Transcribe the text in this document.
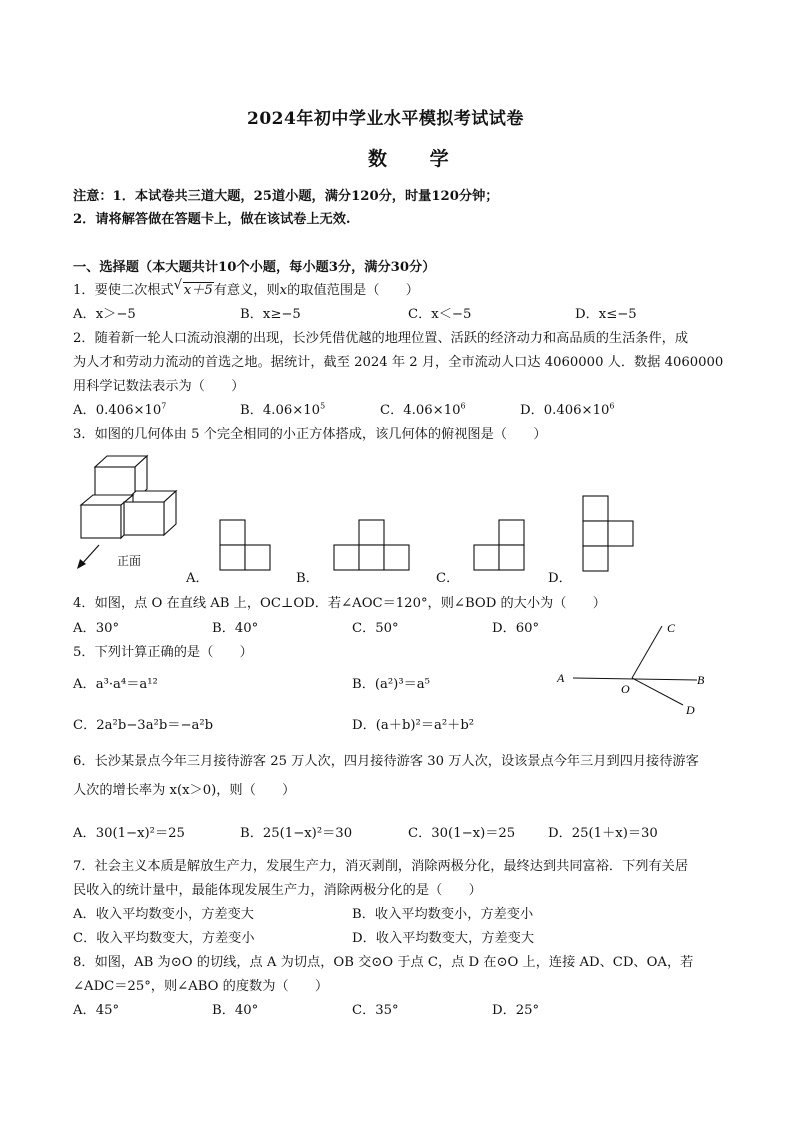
2024年初中学业水平模拟考试试卷
数 学
注意：1．本试卷共三道大题，25道小题，满分120分，时量120分钟；
2．请将解答做在答题卡上，做在该试卷上无效.
一、选择题（本大题共计10个小题，每小题3分，满分30分）
1．要使二次根式√ x＋5有意义，则x的取值范围是（　　）
A．x＞−5	B．x≥−5	C．x＜−5	D．x≤−5
2．随着新一轮人口流动浪潮的出现，长沙凭借优越的地理位置、活跃的经济动力和高品质的生活条件，成
为人才和劳动力流动的首选之地。据统计，截至 2024 年 2 月，全市流动人口达 4060000 人．数据 4060000
用科学记数法表示为（　　）
A．$0.406\times 10^7$	B．$4.06\times 10^5$	C．$4.06\times 10^6$	D．$0.406\times 10^6$
3．如图的几何体由 5 个完全相同的小正方体搭成，该几何体的俯视图是（　　）
正面
A．	B．	C．	D．
4．如图，点 O 在直线 AB 上，OC⊥OD．若∠AOC＝120°，则∠BOD 的大小为（　　）
A．30°	B．40°	C．50°	D．60°
A	B
C
D
O
5．下列计算正确的是（　　）
A．a³·a⁴＝a¹²	B．(a²)³＝a⁵
C．2a²b−3a²b＝−a²b	D．(a＋b)²＝a²＋b²
6．长沙某景点今年三月接待游客 25 万人次，四月接待游客 30 万人次，设该景点今年三月到四月接待游客
人次的增长率为 x(x＞0)，则（　　）
A．30(1−x)²＝25	B．25(1−x)²＝30	C．30(1−x)＝25 D．25(1＋x)＝30
7．社会主义本质是解放生产力，发展生产力，消灭剥削，消除两极分化，最终达到共同富裕．下列有关居
民收入的统计量中，最能体现发展生产力，消除两极分化的是（　　）
A．收入平均数变小，方差变大	B．收入平均数变小，方差变小
C．收入平均数变大，方差变小	D．收入平均数变大，方差变大
8．如图，AB 为⊙O 的切线，点 A 为切点，OB 交⊙O 于点 C，点 D 在⊙O 上，连接 AD、CD、OA，若
∠ADC＝25°，则∠ABO 的度数为（　　）
A．45°	B．40°	C．35°	D．25°
